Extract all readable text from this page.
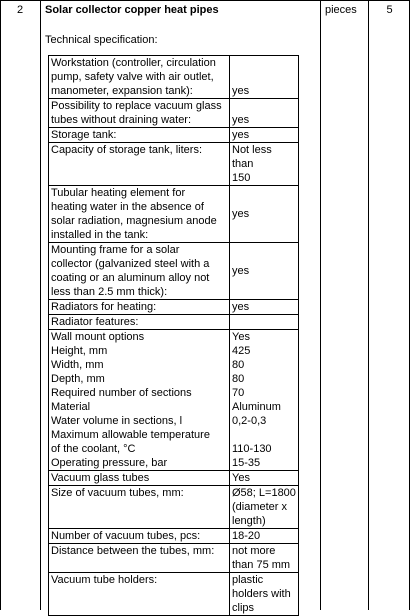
2	Solar collector copper heat pipes
Technical specification:
pieces	5
Workstation (controller, circulation
pump, safety valve with air outlet,
manometer, expansion tank):	yes
Possibility to replace vacuum glass
tubes without draining water:	yes
Storage tank:	yes
Capacity of storage tank, liters:	Not less than
150
Tubular heating element for
heating water in the absence of
solar radiation, magnesium anode
installed in the tank:	yes
Mounting frame for a solar
collector (galvanized steel with a
coating or an aluminum alloy not
less than 2.5 mm thick):	yes
Radiators for heating:	yes
Radiator features:	
Wall mount options	Yes
Height, mm	425
Width, mm	80
Depth, mm	80
Required number of sections	70
Material	Aluminum
Water volume in sections, l	0,2-0,3
Maximum allowable temperature
of the coolant, °C	110-130
Operating pressure, bar	15-35
Vacuum glass tubes	Yes
Size of vacuum tubes, mm:	Ø58; L=1800
(diameter x
length)
Number of vacuum tubes, pcs:	18-20
Distance between the tubes, mm:	not more
than 75 mm
Vacuum tube holders:	plastic
holders with
clips
